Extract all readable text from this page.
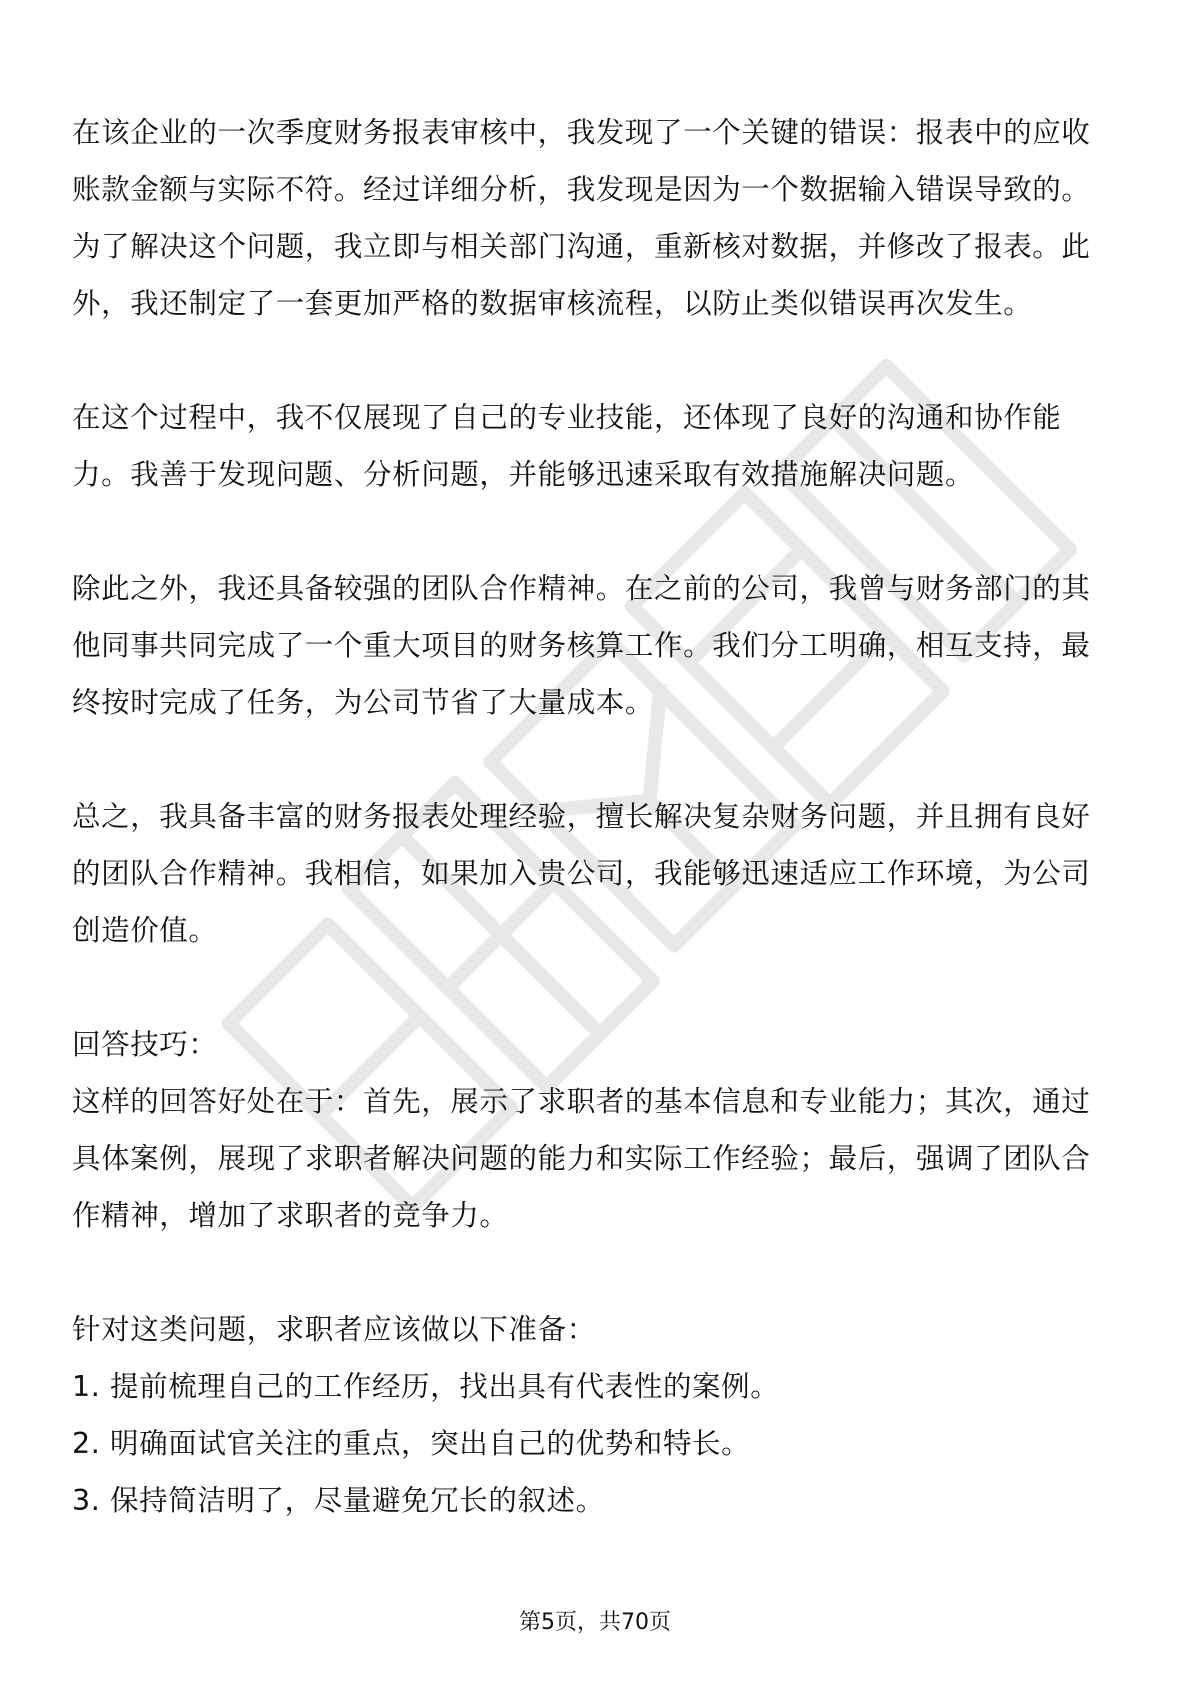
在该企业的一次季度财务报表审核中，我发现了一个关键的错误：报表中的应收账款金额与实际不符。经过详细分析，我发现是因为一个数据输入错误导致的。为了解决这个问题，我立即与相关部门沟通，重新核对数据，并修改了报表。此外，我还制定了一套更加严格的数据审核流程，以防止类似错误再次发生。

在这个过程中，我不仅展现了自己的专业技能，还体现了良好的沟通和协作能力。我善于发现问题、分析问题，并能够迅速采取有效措施解决问题。

除此之外，我还具备较强的团队合作精神。在之前的公司，我曾与财务部门的其他同事共同完成了一个重大项目的财务核算工作。我们分工明确，相互支持，最终按时完成了任务，为公司节省了大量成本。

总之，我具备丰富的财务报表处理经验，擅长解决复杂财务问题，并且拥有良好的团队合作精神。我相信，如果加入贵公司，我能够迅速适应工作环境，为公司创造价值。

回答技巧：

这样的回答好处在于：首先，展示了求职者的基本信息和专业能力；其次，通过具体案例，展现了求职者解决问题的能力和实际工作经验；最后，强调了团队合作精神，增加了求职者的竞争力。

针对这类问题，求职者应该做以下准备：

1. 提前梳理自己的工作经历，找出具有代表性的案例。

2. 明确面试官关注的重点，突出自己的优势和特长。

3. 保持简洁明了，尽量避免冗长的叙述。

第5页，共70页
